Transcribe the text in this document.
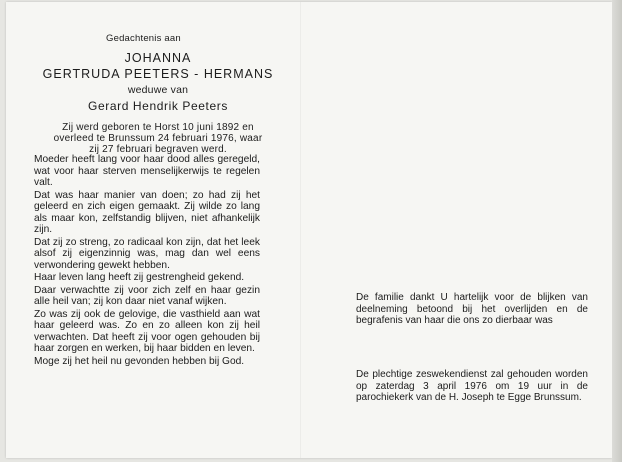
Gedachtenis aan
JOHANNA
GERTRUDA PEETERS - HERMANS
weduwe van
Gerard Hendrik Peeters
Zij werd geboren te Horst 10 juni 1892 en
overleed te Brunssum 24 februari 1976, waar
zij 27 februari begraven werd.

Moeder heeft lang voor haar dood alles geregeld, wat voor haar sterven menselijkerwijs te regelen valt.

Dat was haar manier van doen; zo had zij het geleerd en zich eigen gemaakt. Zij wilde zo lang als maar kon, zelfstandig blijven, niet afhankelijk zijn.

Dat zij zo streng, zo radicaal kon zijn, dat het leek alsof zij eigenzinnig was, mag dan wel eens verwondering gewekt hebben.

Haar leven lang heeft zij gestrengheid gekend.

Daar verwachtte zij voor zich zelf en haar gezin alle heil van; zij kon daar niet vanaf wijken.

Zo was zij ook de gelovige, die vasthield aan wat haar geleerd was. Zo en zo alleen kon zij heil verwachten. Dat heeft zij voor ogen gehouden bij haar zorgen en werken, bij haar bidden en leven.

Moge zij het heil nu gevonden hebben bij God.

De familie dankt U hartelijk voor de blijken van deelneming betoond bij het overlijden en de begrafenis van haar die ons zo dierbaar was

De plechtige zeswekendienst zal gehouden worden op zaterdag 3 april 1976 om 19 uur in de parochiekerk van de H. Joseph te Egge Brunssum.
